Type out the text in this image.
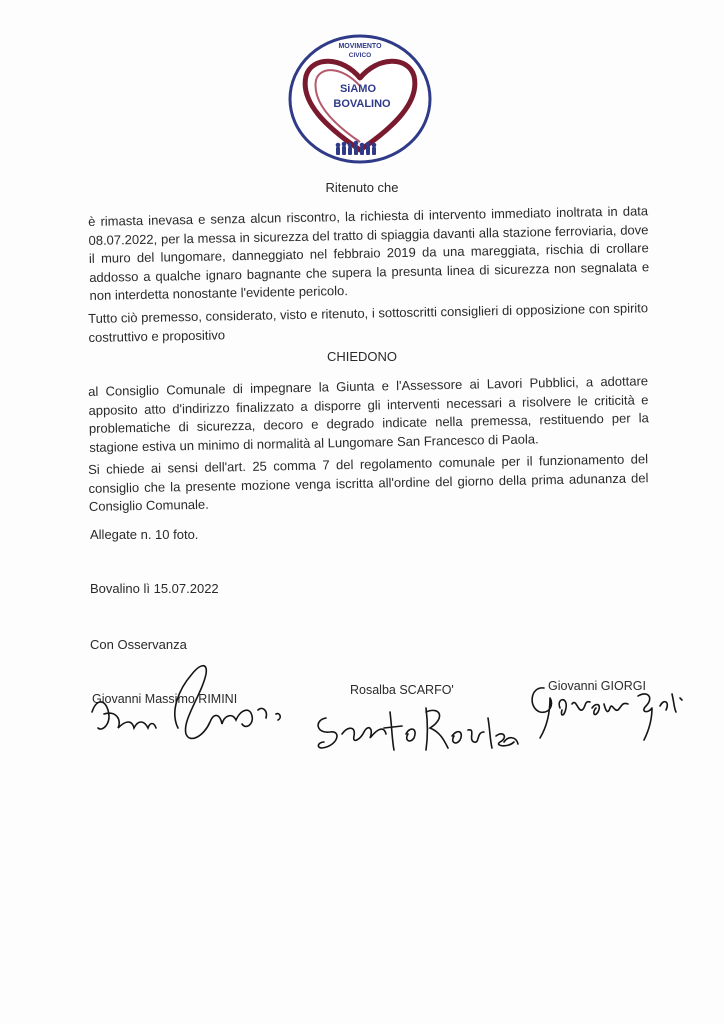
MOVIMENTO
CIVICO
SiAMO
BOVALINO
Ritenuto che
è rimasta inevasa e senza alcun riscontro, la richiesta di intervento immediato inoltrata in data 08.07.2022, per la messa in sicurezza del tratto di spiaggia davanti alla stazione ferroviaria, dove il muro del lungomare, danneggiato nel febbraio 2019 da una mareggiata, rischia di crollare addosso a qualche ignaro bagnante che supera la presunta linea di sicurezza non segnalata e non interdetta nonostante l'evidente pericolo.
Tutto ciò premesso, considerato, visto e ritenuto, i sottoscritti consiglieri di opposizione con spirito costruttivo e propositivo
CHIEDONO
al Consiglio Comunale di impegnare la Giunta e l'Assessore ai Lavori Pubblici, a adottare apposito atto d'indirizzo finalizzato a disporre gli interventi necessari a risolvere le criticità e problematiche di sicurezza, decoro e degrado indicate nella premessa, restituendo per la stagione estiva un minimo di normalità al Lungomare San Francesco di Paola.
Si chiede ai sensi dell'art. 25 comma 7 del regolamento comunale per il funzionamento del consiglio che la presente mozione venga iscritta all'ordine del giorno della prima adunanza del Consiglio Comunale.
Allegate n. 10 foto.
Bovalino lì 15.07.2022
Con Osservanza
Giovanni Massimo RIMINI
Rosalba SCARFO'	Giovanni GIORGI
